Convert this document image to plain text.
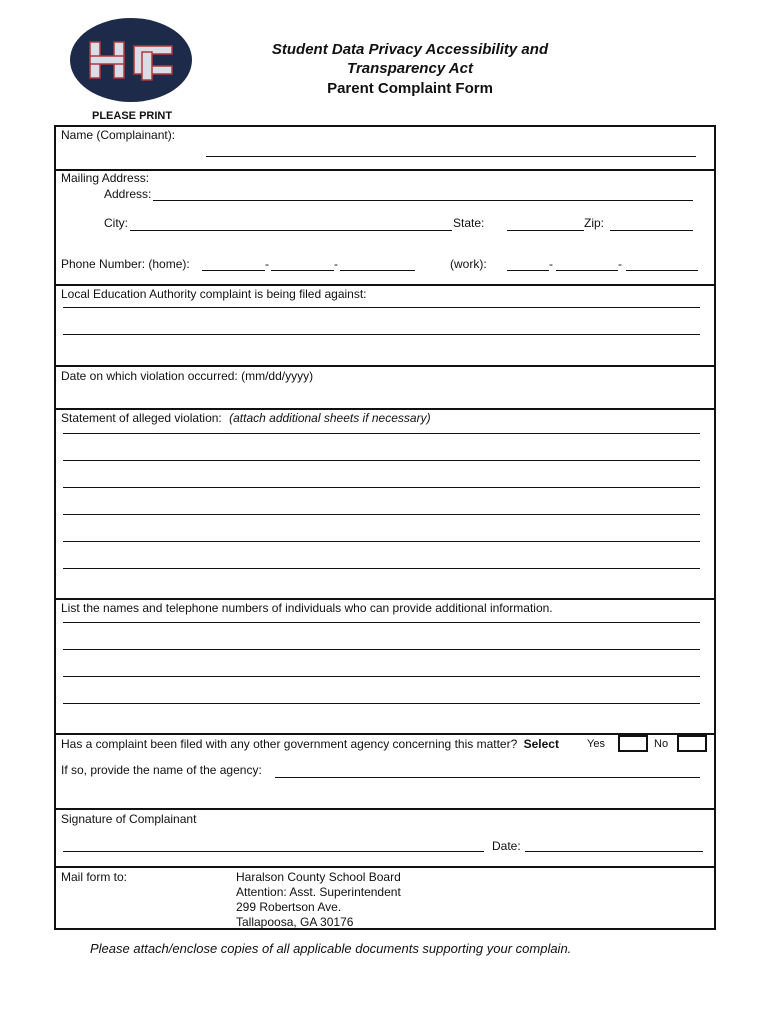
Student Data Privacy Accessibility and
Transparency Act
Parent Complaint Form
PLEASE PRINT
Name (Complainant):
Mailing Address:
Address:
City:	State:	Zip:
Phone Number: (home):	-	-	(work):	-	-
Local Education Authority complaint is being filed against:
Date on which violation occurred: (mm/dd/yyyy)
Statement of alleged violation: (attach additional sheets if necessary)
List the names and telephone numbers of individuals who can provide additional information.
Has a complaint been filed with any other government agency concerning this matter? Select	Yes	No
If so, provide the name of the agency:
Signature of Complainant
Date:
Mail form to:	Haralson County School Board
Attention: Asst. Superintendent
299 Robertson Ave.
Tallapoosa, GA 30176
Please attach/enclose copies of all applicable documents supporting your complain.
